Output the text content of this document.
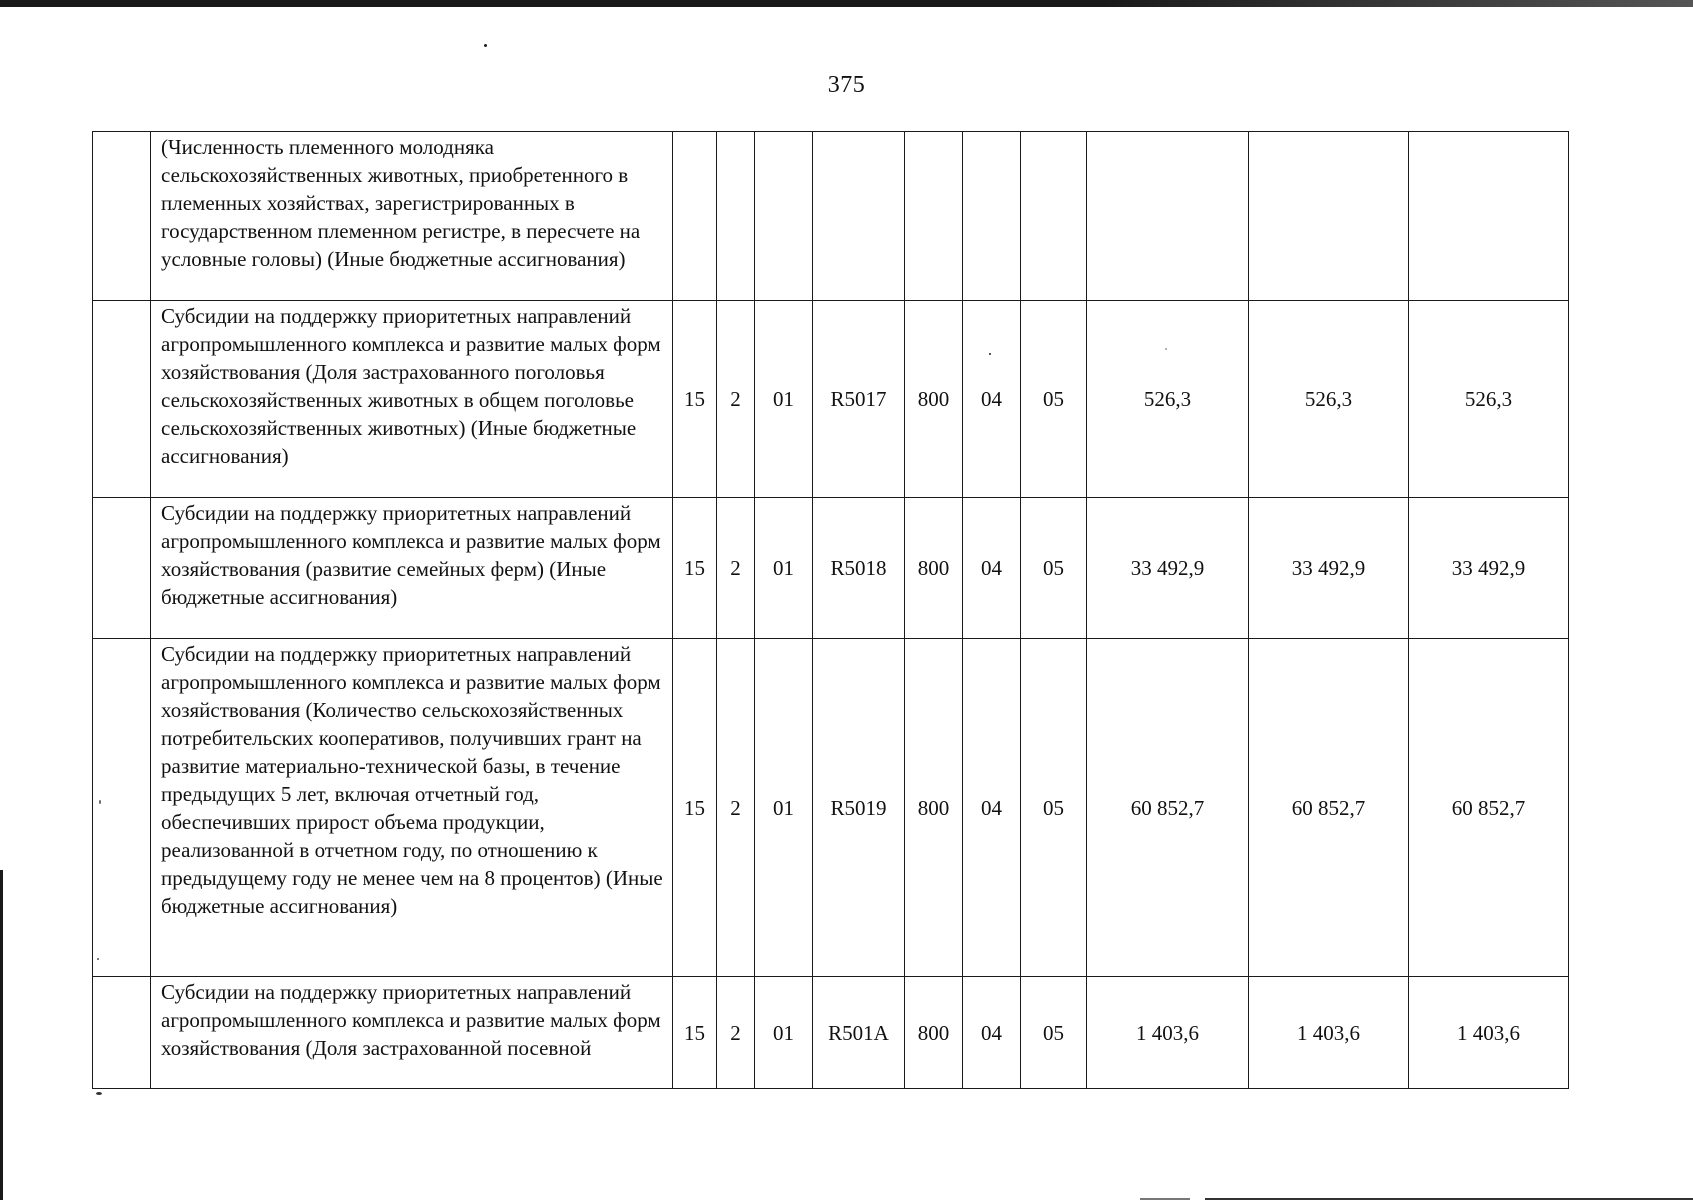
375
	(Численность племенного молодняка сельскохозяйственных животных, приобретенного в племенных хозяйствах, зарегистрированных в государственном племенном регистре, в пересчете на условные головы) (Иные бюджетные ассигнования)										
	Субсидии на поддержку приоритетных направлений агропромышленного комплекса и развитие малых форм хозяйствования (Доля застрахованного поголовья сельскохозяйственных животных в общем поголовье сельскохозяйственных животных) (Иные бюджетные ассигнования)	15	2	01	R5017	800	04	05	526,3	526,3	526,3
	Субсидии на поддержку приоритетных направлений агропромышленного комплекса и развитие малых форм хозяйствования (развитие семейных ферм) (Иные бюджетные ассигнования)	15	2	01	R5018	800	04	05	33 492,9	33 492,9	33 492,9
	Субсидии на поддержку приоритетных направлений агропромышленного комплекса и развитие малых форм хозяйствования (Количество сельскохозяйственных потребительских кооперативов, получивших грант на развитие материально-технической базы, в течение предыдущих 5 лет, включая отчетный год, обеспечивших прирост объема продукции, реализованной в отчетном году, по отношению к предыдущему году не менее чем на 8 процентов) (Иные бюджетные ассигнования)	15	2	01	R5019	800	04	05	60 852,7	60 852,7	60 852,7
	Субсидии на поддержку приоритетных направлений агропромышленного комплекса и развитие малых форм хозяйствования (Доля застрахованной посевной	15	2	01	R501A	800	04	05	1 403,6	1 403,6	1 403,6
